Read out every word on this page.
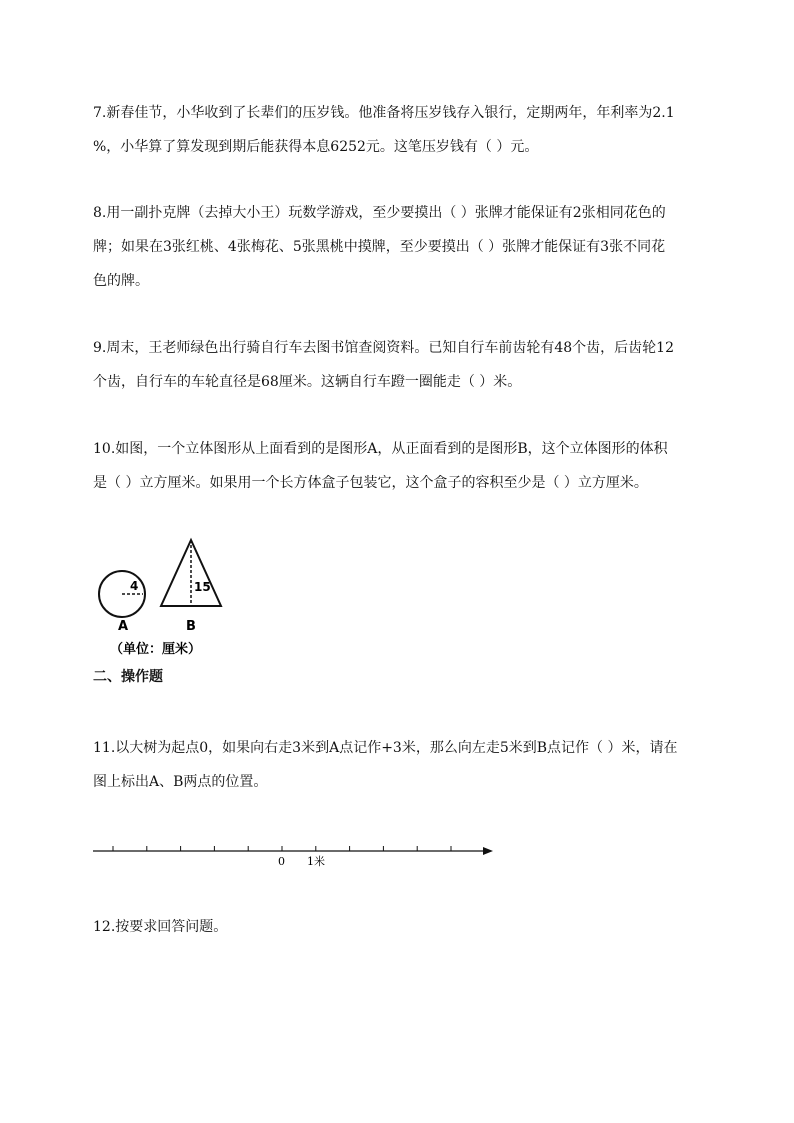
7.新春佳节，小华收到了长辈们的压岁钱。他准备将压岁钱存入银行，定期两年，年利率为2.1
%，小华算了算发现到期后能获得本息6252元。这笔压岁钱有（ ）元。
8.用一副扑克牌（去掉大小王）玩数学游戏，至少要摸出（ ）张牌才能保证有2张相同花色的
牌；如果在3张红桃、4张梅花、5张黑桃中摸牌，至少要摸出（ ）张牌才能保证有3张不同花
色的牌。
9.周末，王老师绿色出行骑自行车去图书馆查阅资料。已知自行车前齿轮有48个齿，后齿轮12
个齿，自行车的车轮直径是68厘米。这辆自行车蹬一圈能走（ ）米。
10.如图，一个立体图形从上面看到的是图形A，从正面看到的是图形B，这个立体图形的体积
是（ ）立方厘米。如果用一个长方体盒子包装它，这个盒子的容积至少是（ ）立方厘米。
4	15
A	B
（单位：厘米）
二、操作题
11.以大树为起点0，如果向右走3米到A点记作+3米，那么向左走5米到B点记作（ ）米，请在
图上标出A、B两点的位置。
0 1米
12.按要求回答问题。
